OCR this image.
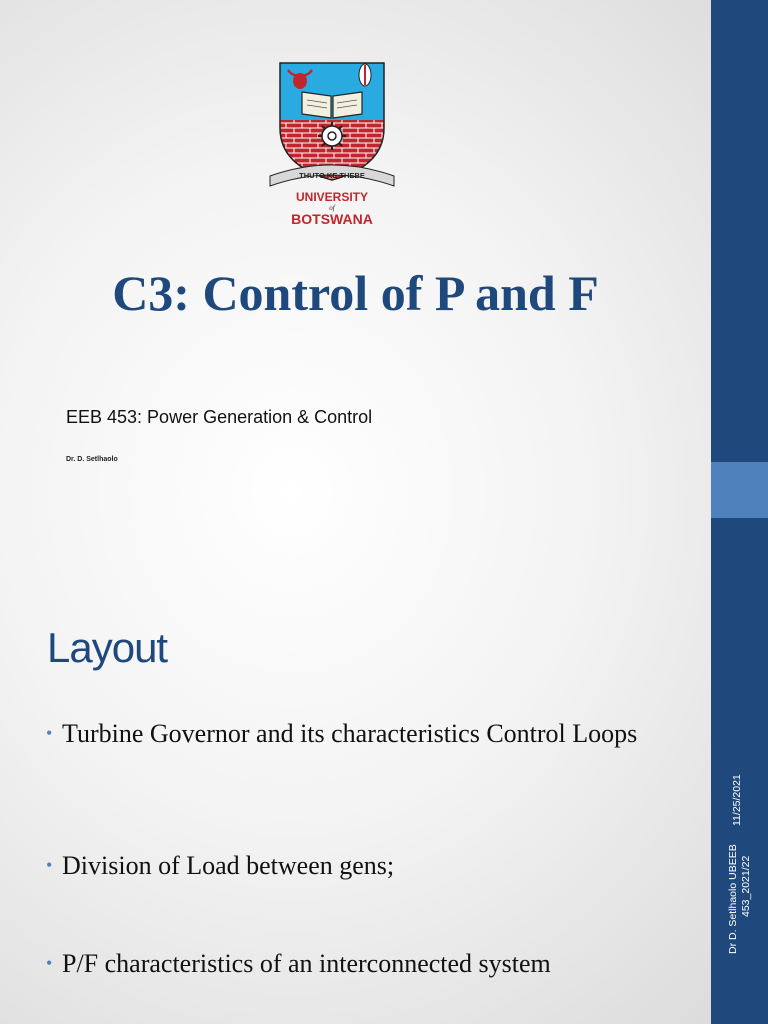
11/25/2021
Dr D. Setlhaolo UBEEB 453_2021/22
THUTO KE THEBE
UNIVERSITY
of
BOTSWANA
C3: Control of P and F
EEB 453: Power Generation & Control
Dr. D. Setlhaolo
Layout
• Turbine Governor and its characteristics Control Loops
• Division of Load between gens;
• P/F characteristics of an interconnected system
